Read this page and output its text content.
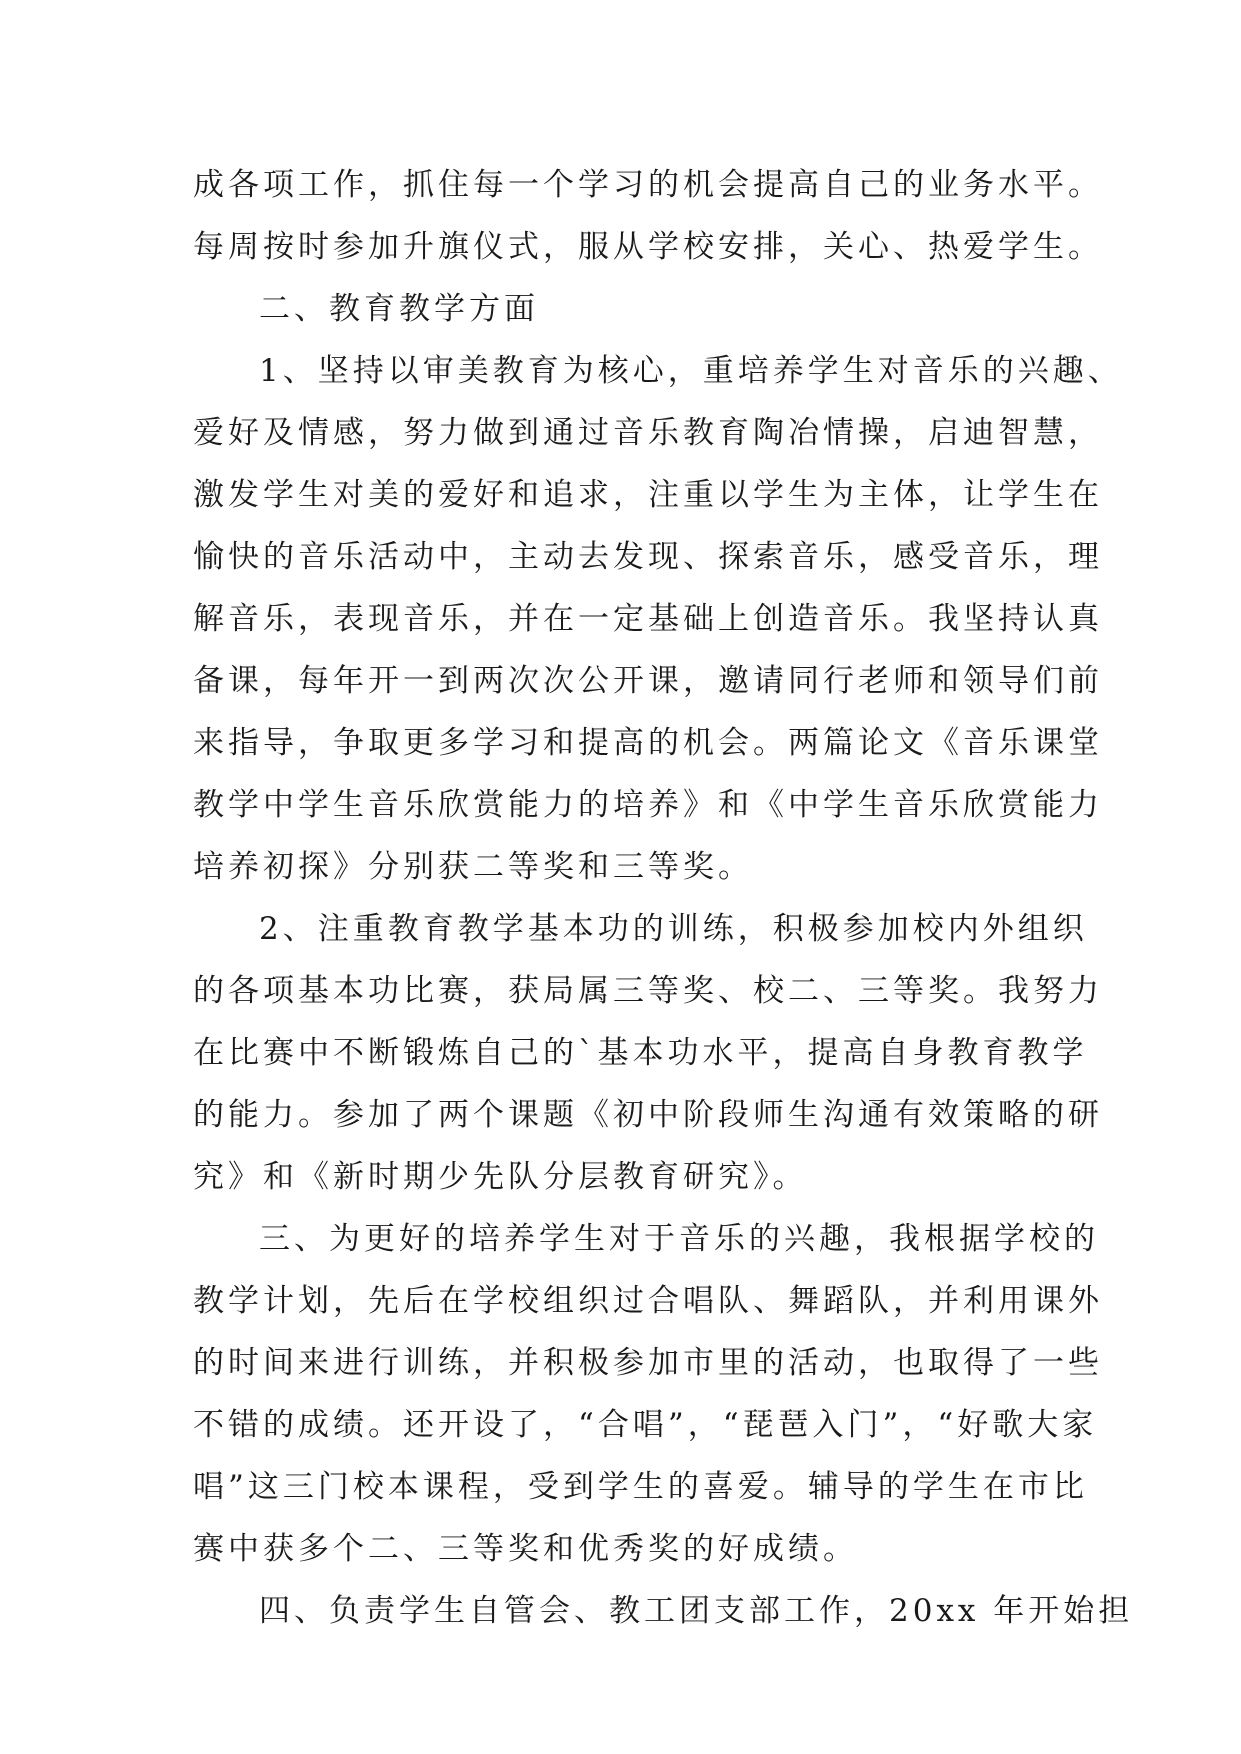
成各项工作，抓住每一个学习的机会提高自己的业务水平。
每周按时参加升旗仪式，服从学校安排，关心、热爱学生。
二、教育教学方面
1、坚持以审美教育为核心，重培养学生对音乐的兴趣、
爱好及情感，努力做到通过音乐教育陶冶情操，启迪智慧，
激发学生对美的爱好和追求，注重以学生为主体，让学生在
愉快的音乐活动中，主动去发现、探索音乐，感受音乐，理
解音乐，表现音乐，并在一定基础上创造音乐。我坚持认真
备课，每年开一到两次次公开课，邀请同行老师和领导们前
来指导，争取更多学习和提高的机会。两篇论文《音乐课堂
教学中学生音乐欣赏能力的培养》和《中学生音乐欣赏能力
培养初探》分别获二等奖和三等奖。
2、注重教育教学基本功的训练，积极参加校内外组织
的各项基本功比赛，获局属三等奖、校二、三等奖。我努力
在比赛中不断锻炼自己的`基本功水平，提高自身教育教学
的能力。参加了两个课题《初中阶段师生沟通有效策略的研
究》和《新时期少先队分层教育研究》。
三、为更好的培养学生对于音乐的兴趣，我根据学校的
教学计划，先后在学校组织过合唱队、舞蹈队，并利用课外
的时间来进行训练，并积极参加市里的活动，也取得了一些
不错的成绩。还开设了，“合唱”，“琵琶入门”，“好歌大家
唱”这三门校本课程，受到学生的喜爱。辅导的学生在市比
赛中获多个二、三等奖和优秀奖的好成绩。
四、负责学生自管会、教工团支部工作，20xx 年开始担
